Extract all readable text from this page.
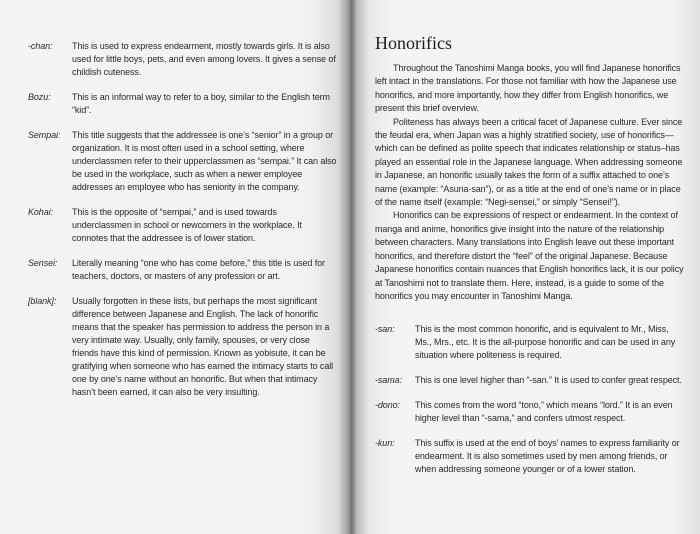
-chan:	This is used to express endearment, mostly towards girls. It is alsoused for little boys, pets, and even among lovers. It gives a sense ofchildish cuteness.
Bozu:	This is an informal way to refer to a boy, similar to the English term“kid”.
Sempai:	This title suggests that the addressee is one’s “senior” in a group or organization. It is most often used in a school setting, whereunderclassmen refer to their upperclassmen as “sempai.” It can also be used in the workplace, such as when a newer employeeaddresses an employee who has seniority in the company.
Kohai:	This is the opposite of “sempai,” and is used towards underclassmen in school or newcomers in the workplace. It connotes that the addressee is of lower station.
Sensei:	Literally meaning “one who has come before,” this title is used forteachers, doctors, or masters of any profession or art.
[blank]:	Usually forgotten in these lists, but perhaps the most significantdifference between Japanese and English. The lack of honorificmeans that the speaker has permission to address the person in a very intimate way. Usually, only family, spouses, or very closefriends have this kind of permission. Known as yobisute, it can begratifying when someone who has earned the intimacy starts to callone by one’s name without an honorific. But when that intimacyhasn’t been earned, it can also be very insulting.
Honorifics
Throughout the Tanoshimi Manga books, you will find Japanese honorifics left intact in the translations. For those not familiar with how the Japanese use honorifics, and more importantly, how they differ from English honorifics, we present this brief overview.
Politeness has always been a critical facet of Japanese culture. Ever sincethe feudal era, when Japan was a highly stratified society, use of honorifics—which can be defined as polite speech that indicates relationship or status–hasplayed an essential role in the Japanese language. When addressing someonein Japanese, an honorific usually takes the form of a suffix attached to one’sname (example: “Asuna-san”), or as a title at the end of one’s name or in place of the name itself (example: “Negi-sensei,” or simply “Sensei!”).
Honorifics can be expressions of respect or endearment. In the context ofmanga and anime, honorifics give insight into the nature of the relationshipbetween characters. Many translations into English leave out these importanthonorifics, and therefore distort the “feel” of the original Japanese. BecauseJapanese honorifics contain nuances that English honorifics lack, it is our policy at Tanoshimi not to translate them. Here, instead, is a guide to some of the honorifics you may encounter in Tanoshimi Manga.
-san:	This is the most common honorific, and is equivalent to Mr., Miss,Ms., Mrs., etc. It is the all-purpose honorific and can be used in anysituation where politeness is required.
-sama:	This is one level higher than “-san.” It is used to confer great respect.
-dono:	This comes from the word “tono,” which means “lord.” It is an even higher level than “-sama,” and confers utmost respect.
-kun:	This suffix is used at the end of boys’ names to express familiarity or endearment. It is also sometimes used by men among friends, orwhen addressing someone younger or of a lower station.
